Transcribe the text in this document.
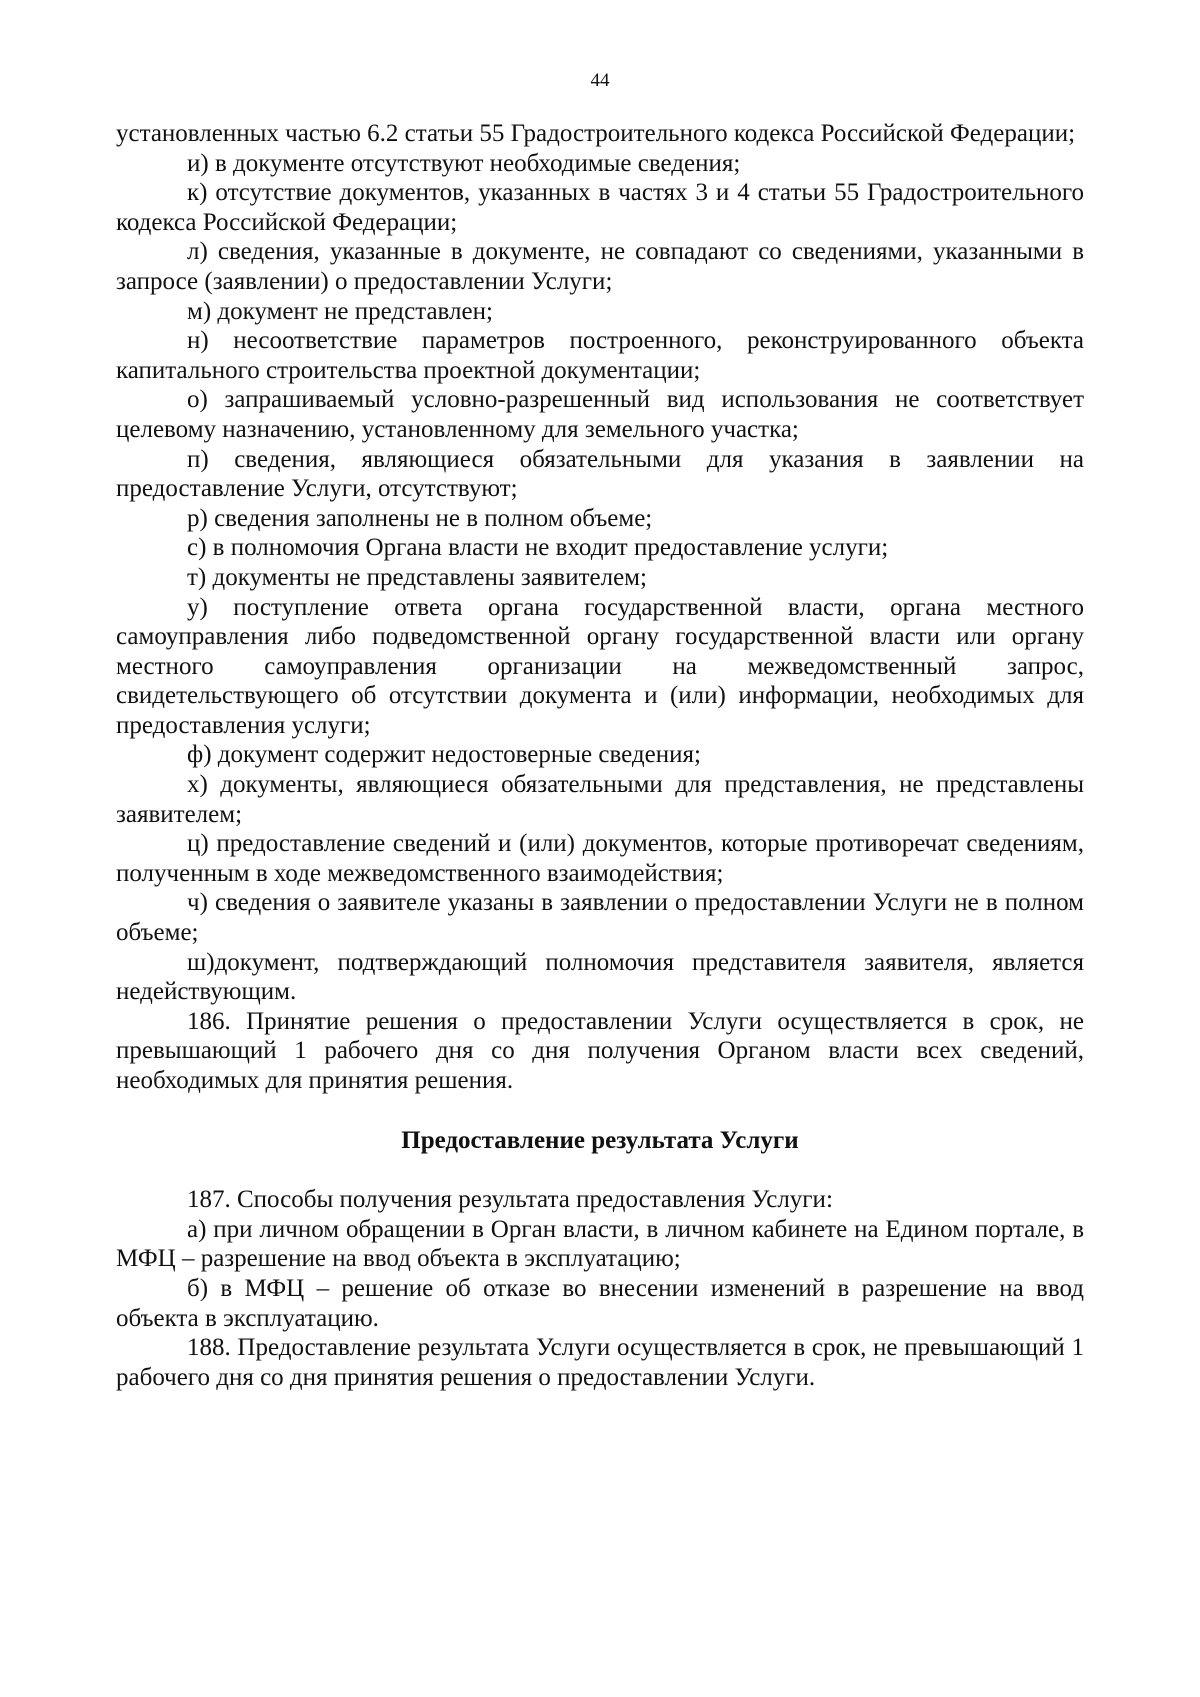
44

установленных частью 6.2 статьи 55 Градостроительного кодекса Российской Федерации;

и) в документе отсутствуют необходимые сведения;

к) отсутствие документов, указанных в частях 3 и 4 статьи 55 Градостроительного кодекса Российской Федерации;

л) сведения, указанные в документе, не совпадают со сведениями, указанными в запросе (заявлении) о предоставлении Услуги;

м) документ не представлен;

н) несоответствие параметров построенного, реконструированного объекта капитального строительства проектной документации;

о) запрашиваемый условно-разрешенный вид использования не соответствует целевому назначению, установленному для земельного участка;

п) сведения, являющиеся обязательными для указания в заявлении на предоставление Услуги, отсутствуют;

р) сведения заполнены не в полном объеме;

с) в полномочия Органа власти не входит предоставление услуги;

т) документы не представлены заявителем;

у) поступление ответа органа государственной власти, органа местного самоуправления либо подведомственной органу государственной власти или органу местного самоуправления организации на межведомственный запрос, свидетельствующего об отсутствии документа и (или) информации, необходимых для предоставления услуги;

ф) документ содержит недостоверные сведения;

х) документы, являющиеся обязательными для представления, не представлены заявителем;

ц) предоставление сведений и (или) документов, которые противоречат сведениям, полученным в ходе межведомственного взаимодействия;

ч) сведения о заявителе указаны в заявлении о предоставлении Услуги не в полном объеме;

ш)документ, подтверждающий полномочия представителя заявителя, является недействующим.

186. Принятие решения о предоставлении Услуги осуществляется в срок, не превышающий 1 рабочего дня со дня получения Органом власти всех сведений, необходимых для принятия решения.

Предоставление результата Услуги

187. Способы получения результата предоставления Услуги:

а) при личном обращении в Орган власти, в личном кабинете на Едином портале, в МФЦ – разрешение на ввод объекта в эксплуатацию;

б) в МФЦ – решение об отказе во внесении изменений в разрешение на ввод объекта в эксплуатацию.

188. Предоставление результата Услуги осуществляется в срок, не превышающий 1 рабочего дня со дня принятия решения о предоставлении Услуги.
